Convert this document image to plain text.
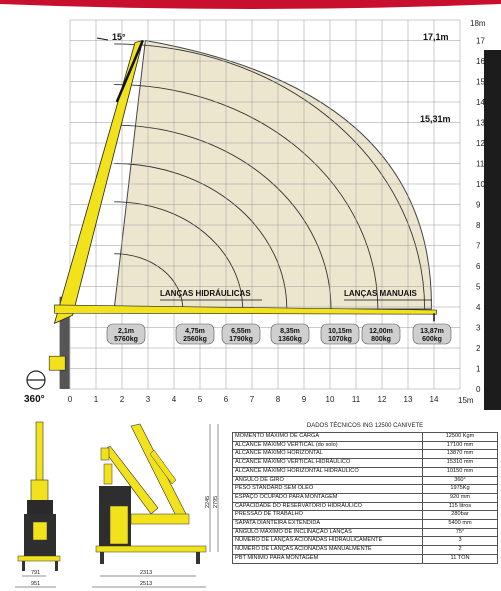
0	1	2	3	4	5	6	7	8	9 10 11 12 13 14
0
1
2
3
4
5
6
7
8
9
10
11
12
13
14
15
16
17
2,1m
5760kg
4,75m
2560kg
6,55m
1790kg
8,35m
1360kg
10,15m
1070kg
12,00m
800kg
13,87m
600kg
18m
15m
15°	17,1m
15,31m
LANÇAS HIDRÁULICAS	LANÇAS MANUAIS
360°
791
951
2245 2795
2313
2513
DADOS TÉCNICOS ING 12500 CANIVETE
MOMENTO MÁXIMO DE CARGA	12500 Kgm
ALCANCE MÁXIMO VERTICAL (do solo)	17100 mm
ALCANCE MÁXIMO HORIZONTAL	13870 mm
ALCANCE MÁXIMO VERTICAL HIDRÁULICO	15310 mm
ALCANCE MÁXIMO HORIZONTAL HIDRÁULICO	10150 mm
ANGULO DE GIRO	360°
PESO STANDARD SEM ÓLEO	1975Kg
ESPAÇO OCUPADO PARA MONTAGEM	920 mm
CAPACIDADE DO RESERVATÓRIO HIDRÁULICO	115 litros
PRESSÃO DE TRABALHO	280bar
SAPATA DIANTEIRA EXTENDIDA	5400 mm
ANGULO MÁXIMO DE INCLINAÇÃO LANÇAS	75°
NÚMERO DE LANÇAS ACIONADAS HIDRAULICAMENTE	3
NÚMERO DE LANÇAS ACIONADAS MANUALMENTE	2
PBT MINIMO PARA MONTAGEM	11 TON
